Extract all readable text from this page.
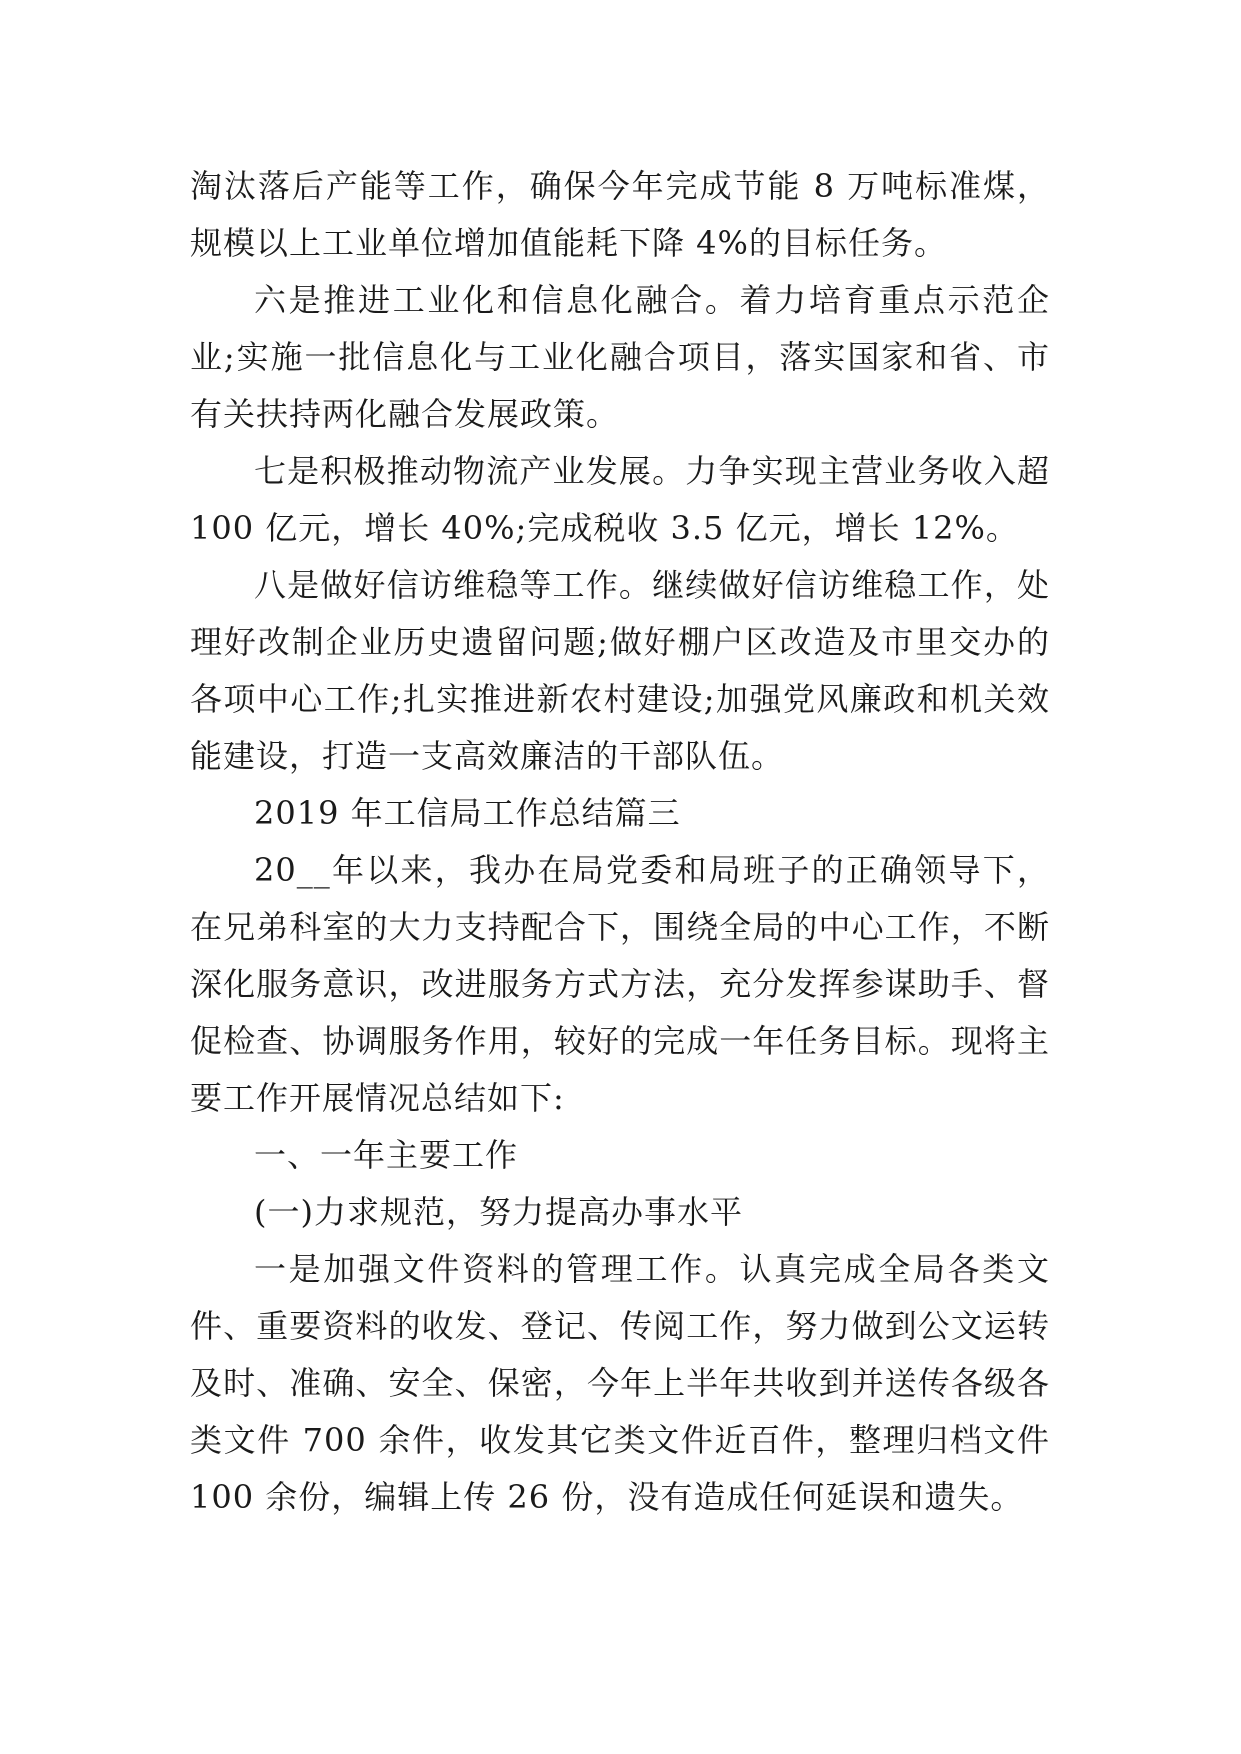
淘汰落后产能等工作，确保今年完成节能 8 万吨标准煤，规模以上工业单位增加值能耗下降 4%的目标任务。

六是推进工业化和信息化融合。着力培育重点示范企业;实施一批信息化与工业化融合项目，落实国家和省、市有关扶持两化融合发展政策。

七是积极推动物流产业发展。力争实现主营业务收入超 100 亿元，增长 40%;完成税收 3.5 亿元，增长 12%。

八是做好信访维稳等工作。继续做好信访维稳工作，处理好改制企业历史遗留问题;做好棚户区改造及市里交办的各项中心工作;扎实推进新农村建设;加强党风廉政和机关效能建设，打造一支高效廉洁的干部队伍。

2019 年工信局工作总结篇三

20__年以来，我办在局党委和局班子的正确领导下，在兄弟科室的大力支持配合下，围绕全局的中心工作，不断深化服务意识，改进服务方式方法，充分发挥参谋助手、督促检查、协调服务作用，较好的完成一年任务目标。现将主要工作开展情况总结如下:

一、一年主要工作

(一)力求规范，努力提高办事水平

一是加强文件资料的管理工作。认真完成全局各类文件、重要资料的收发、登记、传阅工作，努力做到公文运转及时、准确、安全、保密，今年上半年共收到并送传各级各类文件 700 余件，收发其它类文件近百件，整理归档文件 100 余份，编辑上传 26 份，没有造成任何延误和遗失。
